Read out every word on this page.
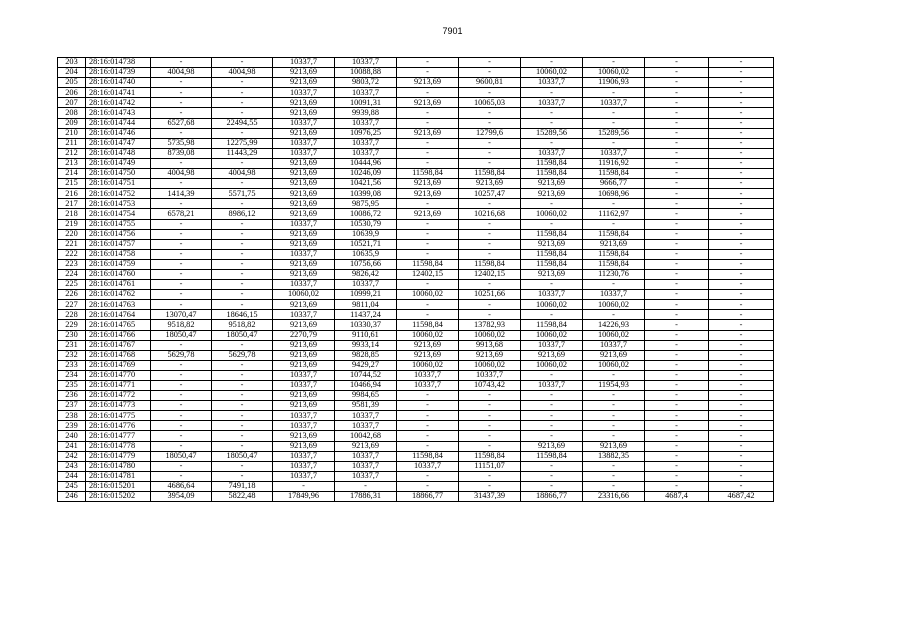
7901
203	28:16:014738	-	-	10337,7	10337,7	-	-	-	-	-	-
204	28:16:014739	4004,98	4004,98	9213,69	10088,88	-	-	10060,02	10060,02	-	-
205	28:16:014740	-	-	9213,69	9803,72	9213,69	9600,81	10337,7	11906,93	-	-
206	28:16:014741	-	-	10337,7	10337,7	-	-	-	-	-	-
207	28:16:014742	-	-	9213,69	10091,31	9213,69	10065,03	10337,7	10337,7	-	-
208	28:16:014743	-	-	9213,69	9939,88	-	-	-	-	-	-
209	28:16:014744	6527,68	22494,55	10337,7	10337,7	-	-	-	-	-	-
210	28:16:014746	-	-	9213,69	10976,25	9213,69	12799,6	15289,56	15289,56	-	-
211	28:16:014747	5735,98	12275,99	10337,7	10337,7	-	-	-	-	-	-
212	28:16:014748	8739,08	11443,29	10337,7	10337,7	-	-	10337,7	10337,7	-	-
213	28:16:014749	-	-	9213,69	10444,96	-	-	11598,84	11916,92	-	-
214	28:16:014750	4004,98	4004,98	9213,69	10246,09	11598,84	11598,84	11598,84	11598,84	-	-
215	28:16:014751	-	-	9213,69	10421,56	9213,69	9213,69	9213,69	9666,77	-	-
216	28:16:014752	1414,39	5571,75	9213,69	10399,08	9213,69	10257,47	9213,69	10698,96	-	-
217	28:16:014753	-	-	9213,69	9875,95	-	-	-	-	-	-
218	28:16:014754	6578,21	8986,12	9213,69	10086,72	9213,69	10216,68	10060,02	11162,97	-	-
219	28:16:014755	-	-	10337,7	10530,79	-	-	-	-	-	-
220	28:16:014756	-	-	9213,69	10639,9	-	-	11598,84	11598,84	-	-
221	28:16:014757	-	-	9213,69	10521,71	-	-	9213,69	9213,69	-	-
222	28:16:014758	-	-	10337,7	10635,9	-	-	11598,84	11598,84	-	-
223	28:16:014759	-	-	9213,69	10756,66	11598,84	11598,84	11598,84	11598,84	-	-
224	28:16:014760	-	-	9213,69	9826,42	12402,15	12402,15	9213,69	11230,76	-	-
225	28:16:014761	-	-	10337,7	10337,7	-	-	-	-	-	-
226	28:16:014762	-	-	10060,02	10999,21	10060,02	10251,66	10337,7	10337,7	-	-
227	28:16:014763	-	-	9213,69	9811,04	-	-	10060,02	10060,02	-	-
228	28:16:014764	13070,47	18646,15	10337,7	11437,24	-	-	-	-	-	-
229	28:16:014765	9518,82	9518,82	9213,69	10330,37	11598,84	13782,93	11598,84	14226,93	-	-
230	28:16:014766	18050,47	18050,47	2270,79	9110,61	10060,02	10060,02	10060,02	10060,02	-	-
231	28:16:014767	-	-	9213,69	9933,14	9213,69	9913,68	10337,7	10337,7	-	-
232	28:16:014768	5629,78	5629,78	9213,69	9828,85	9213,69	9213,69	9213,69	9213,69	-	-
233	28:16:014769	-	-	9213,69	9429,27	10060,02	10060,02	10060,02	10060,02	-	-
234	28:16:014770	-	-	10337,7	10744,52	10337,7	10337,7	-	-	-	-
235	28:16:014771	-	-	10337,7	10466,94	10337,7	10743,42	10337,7	11954,93	-	-
236	28:16:014772	-	-	9213,69	9984,65	-	-	-	-	-	-
237	28:16:014773	-	-	9213,69	9581,39	-	-	-	-	-	-
238	28:16:014775	-	-	10337,7	10337,7	-	-	-	-	-	-
239	28:16:014776	-	-	10337,7	10337,7	-	-	-	-	-	-
240	28:16:014777	-	-	9213,69	10042,68	-	-	-	-	-	-
241	28:16:014778	-	-	9213,69	9213,69	-	-	9213,69	9213,69	-	-
242	28:16:014779	18050,47	18050,47	10337,7	10337,7	11598,84	11598,84	11598,84	13882,35	-	-
243	28:16:014780	-	-	10337,7	10337,7	10337,7	11151,07	-	-	-	-
244	28:16:014781	-	-	10337,7	10337,7	-	-	-	-	-	-
245	28:16:015201	4686,64	7491,18	-	-	-	-	-	-	-	-
246	28:16:015202	3954,09	5822,48	17849,96	17886,31	18866,77	31437,39	18866,77	23316,66	4687,4	4687,42
